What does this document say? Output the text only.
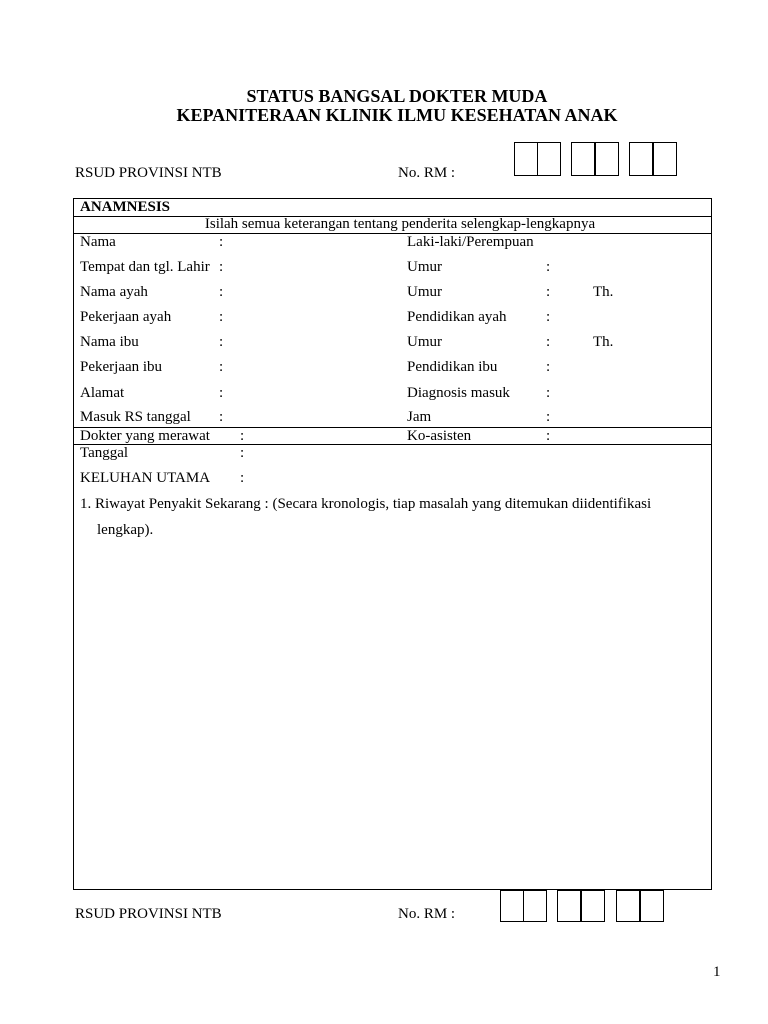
STATUS BANGSAL DOKTER MUDA
KEPANITERAAN KLINIK ILMU KESEHATAN ANAK
RSUD PROVINSI NTB	No. RM :
ANAMNESIS
Isilah semua keterangan tentang penderita selengkap-lengkapnya
Nama	:	Laki-laki/Perempuan
Tempat dan tgl. Lahir :	Umur	:
Nama ayah	:	Umur	:	Th.
Pekerjaan ayah	:	Pendidikan ayah	:
Nama ibu	:	Umur	:	Th.
Pekerjaan ibu	:	Pendidikan ibu	:
Alamat	:	Diagnosis masuk :
Masuk RS tanggal :	Jam	:
Dokter yang merawat :	Ko-asisten	:
Tanggal	:
KELUHAN UTAMA :
1. Riwayat Penyakit Sekarang : (Secara kronologis, tiap masalah yang ditemukan diidentifikasi
lengkap).
RSUD PROVINSI NTB	No. RM :
1
